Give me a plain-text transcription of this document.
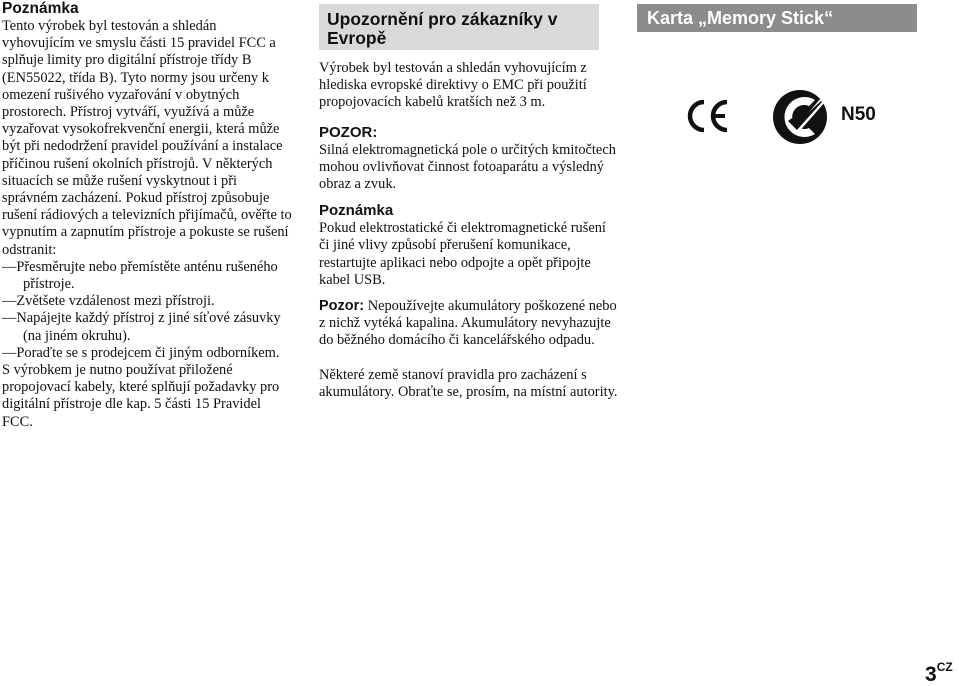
Poznámka

Tento výrobek byl testován a shledán vyhovujícím ve smyslu části 15 pravidel FCC a splňuje limity pro digitální přístroje třídy B (EN55022, třída B). Tyto normy jsou určeny k omezení rušivého vyzařování v obytných prostorech. Přístroj vytváří, využívá a může vyzařovat vysokofrekvenční energii, která může být při nedodržení pravidel používání a instalace příčinou rušení okolních přístrojů. V některých situacích se může rušení vyskytnout i při správném zacházení. Pokud přístroj způsobuje rušení rádiových a televizních přijímačů, ověřte to vypnutím a zapnutím přístroje a pokuste se rušení odstranit:

—Přesměrujte nebo přemístěte anténu rušeného přístroje.

—Zvětšete vzdálenost mezi přístroji.

—Napájejte každý přístroj z jiné síťové zásuvky (na jiném okruhu).

—Poraďte se s prodejcem či jiným odborníkem.

S výrobkem je nutno používat přiložené propojovací kabely, které splňují požadavky pro digitální přístroje dle kap. 5 části 15 Pravidel FCC.

Upozornění pro zákazníky v Evropě

Výrobek byl testován a shledán vyhovujícím z hlediska evropské direktivy o EMC při použití propojovacích kabelů kratších než 3 m.

POZOR:

Silná elektromagnetická pole o určitých kmitočtech mohou ovlivňovat činnost fotoaparátu a výsledný obraz a zvuk.

Poznámka

Pokud elektrostatické či elektromagnetické rušení či jiné vlivy způsobí přerušení komunikace, restartujte aplikaci nebo odpojte a opět připojte kabel USB.

Pozor: Nepoužívejte akumulátory poškozené nebo z nichž vytéká kapalina. Akumulátory nevyhazujte do běžného domácího či kancelářského odpadu.

Některé země stanoví pravidla pro zacházení s akumulátory. Obraťte se, prosím, na místní autority.

Karta „Memory Stick“
N50
$3^{CZ}$
